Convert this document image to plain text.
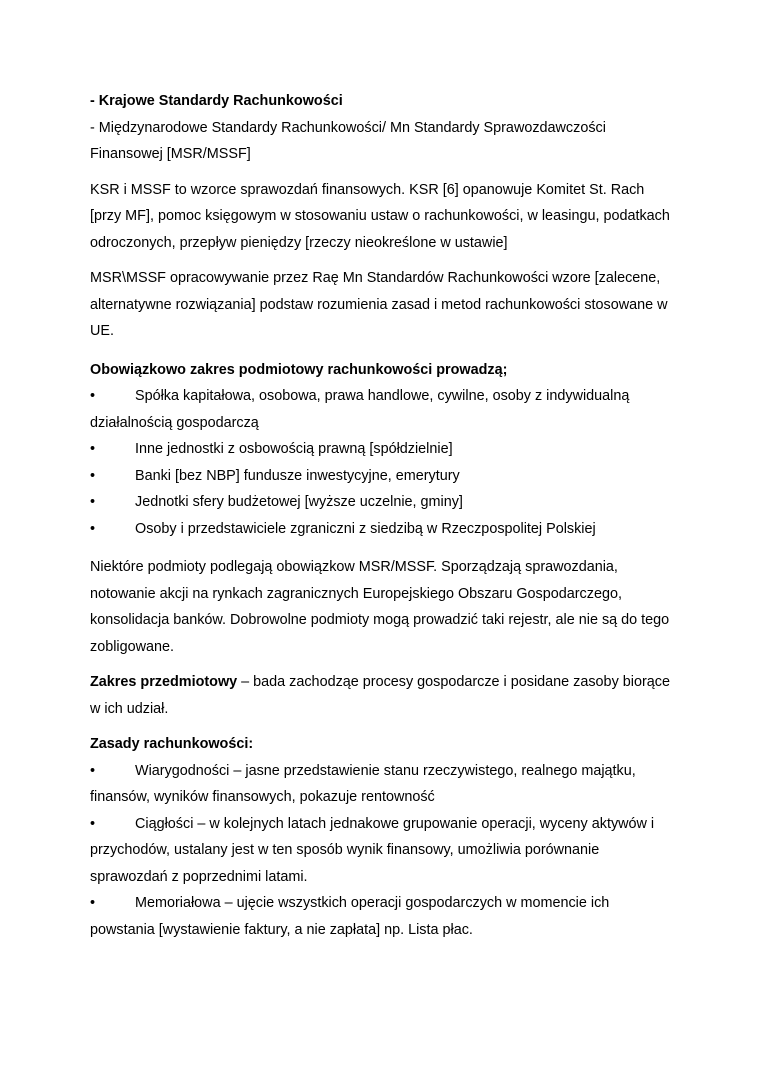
- Krajowe Standardy Rachunkowości

- Międzynarodowe Standardy Rachunkowości/ Mn Standardy Sprawozdawczości Finansowej [MSR/MSSF]

KSR i MSSF to wzorce sprawozdań finansowych. KSR [6] opanowuje Komitet St. Rach [przy MF], pomoc księgowym w stosowaniu ustaw o rachunkowości, w leasingu, podatkach odroczonych, przepływ pieniędzy [rzeczy nieokreślone w ustawie]

MSR\MSSF opracowywanie przez Raę Mn Standardów Rachunkowości wzore [zalecene, alternatywne rozwiązania] podstaw rozumienia zasad i metod rachunkowości stosowane w UE.

Obowiązkowo zakres podmiotowy rachunkowości prowadzą;

•	Spółka kapitałowa, osobowa, prawa handlowe, cywilne, osoby z indywidualną działalnością gospodarczą

•	Inne jednostki z osbowością prawną [spółdzielnie]

•	Banki [bez NBP] fundusze inwestycyjne, emerytury

•	Jednotki sfery budżetowej [wyższe uczelnie, gminy]

•	Osoby i przedstawiciele zgraniczni z siedzibą w Rzeczpospolitej Polskiej

Niektóre podmioty podlegają obowiązkow MSR/MSSF. Sporządzają sprawozdania, notowanie akcji na rynkach zagranicznych Europejskiego Obszaru Gospodarczego, konsolidacja banków. Dobrowolne podmioty mogą prowadzić taki rejestr, ale nie są do tego zobligowane.

Zakres przedmiotowy – bada zachodząe procesy gospodarcze i posidane zasoby biorące w ich udział.

Zasady rachunkowości:

•	Wiarygodności – jasne przedstawienie stanu rzeczywistego, realnego majątku, finansów, wyników finansowych, pokazuje rentowność

•	Ciągłości – w kolejnych latach jednakowe grupowanie operacji, wyceny aktywów i przychodów, ustalany jest w ten sposób wynik finansowy, umożliwia porównanie sprawozdań z poprzednimi latami.

•	Memoriałowa – ujęcie wszystkich operacji gospodarczych w momencie ich powstania [wystawienie faktury, a nie zapłata] np. Lista płac.
